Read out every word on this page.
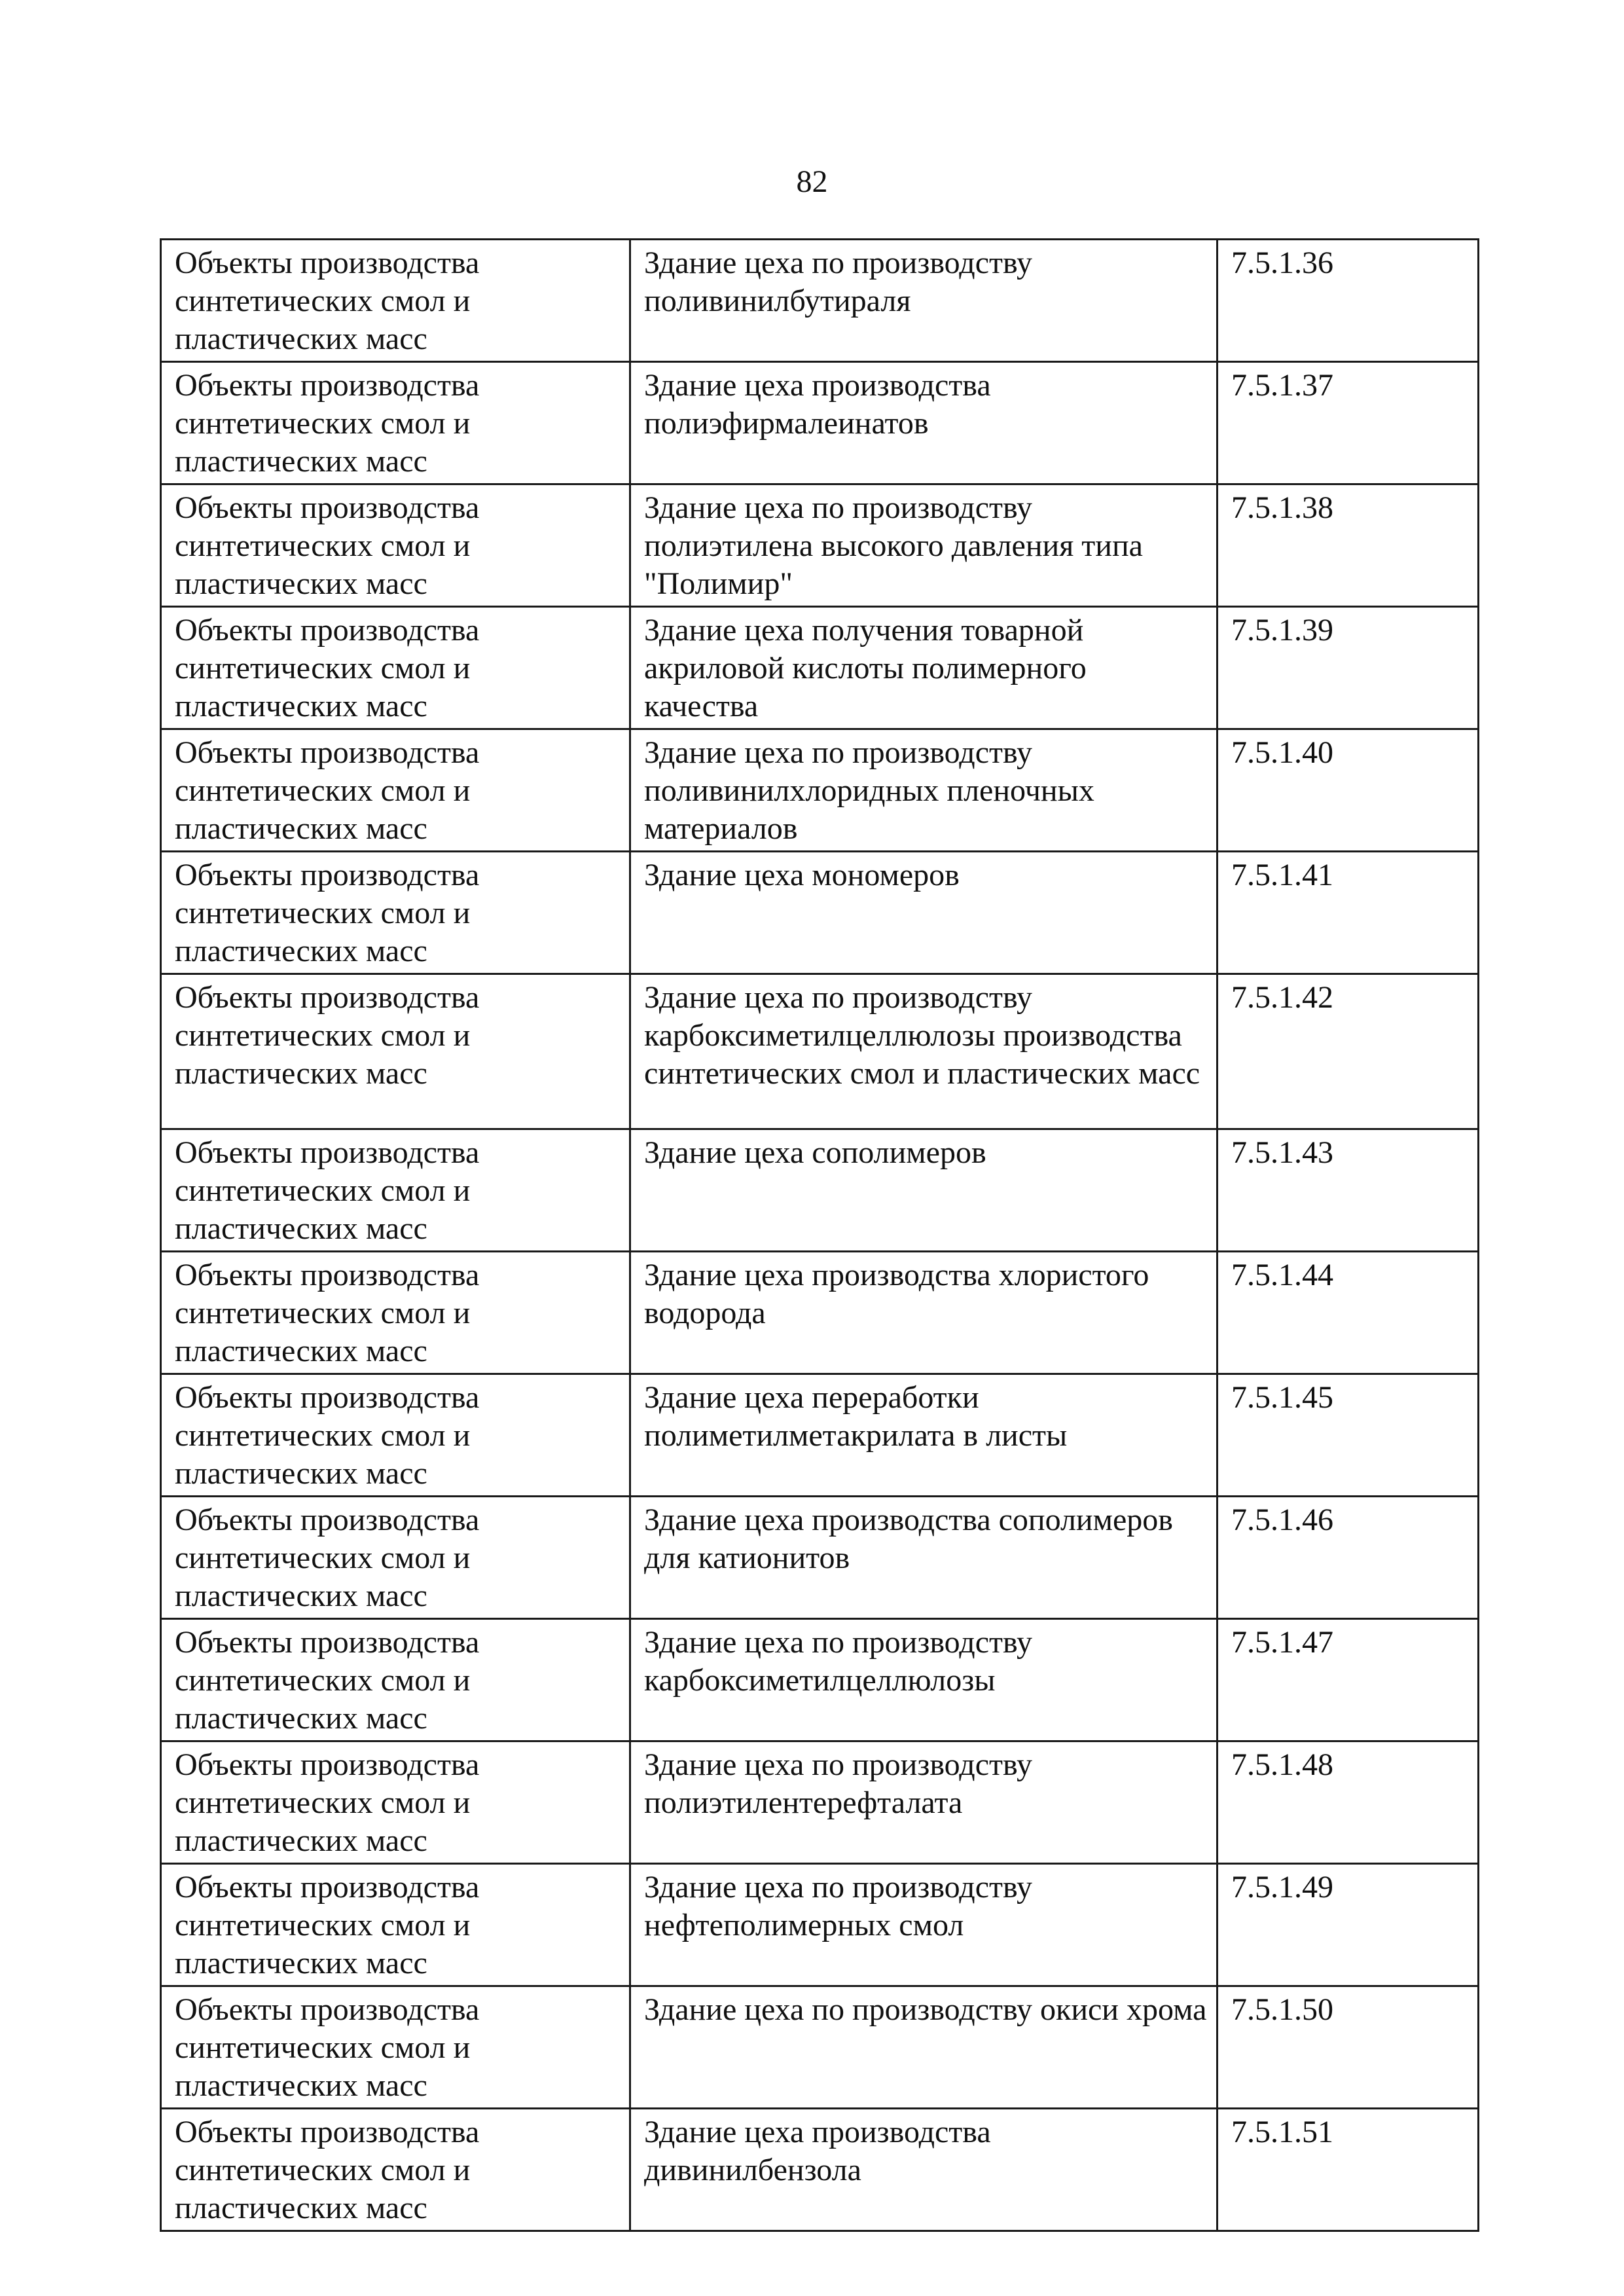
82
Объекты производства синтетических смол и пластических масс	Здание цеха по производству поливинилбутираля	7.5.1.36
Объекты производства синтетических смол и пластических масс	Здание цеха производства полиэфирмалеинатов	7.5.1.37
Объекты производства синтетических смол и пластических масс	Здание цеха по производству полиэтилена высокого давления типа "Полимир"	7.5.1.38
Объекты производства синтетических смол и пластических масс	Здание цеха получения товарной акриловой кислоты полимерного качества	7.5.1.39
Объекты производства синтетических смол и пластических масс	Здание цеха по производству поливинилхлоридных пленочных материалов	7.5.1.40
Объекты производства синтетических смол и пластических масс	Здание цеха мономеров	7.5.1.41
Объекты производства синтетических смол и пластических масс	Здание цеха по производству карбоксиметилцеллюлозы производства синтетических смол и пластических масс	7.5.1.42
Объекты производства синтетических смол и пластических масс	Здание цеха сополимеров	7.5.1.43
Объекты производства синтетических смол и пластических масс	Здание цеха производства хлористого водорода	7.5.1.44
Объекты производства синтетических смол и пластических масс	Здание цеха переработки полиметилметакрилата в листы	7.5.1.45
Объекты производства синтетических смол и пластических масс	Здание цеха производства сополимеров для катионитов	7.5.1.46
Объекты производства синтетических смол и пластических масс	Здание цеха по производству карбоксиметилцеллюлозы	7.5.1.47
Объекты производства синтетических смол и пластических масс	Здание цеха по производству полиэтилентерефталата	7.5.1.48
Объекты производства синтетических смол и пластических масс	Здание цеха по производству нефтеполимерных смол	7.5.1.49
Объекты производства синтетических смол и пластических масс	Здание цеха по производству окиси хрома	7.5.1.50
Объекты производства синтетических смол и пластических масс	Здание цеха производства дивинилбензола	7.5.1.51
